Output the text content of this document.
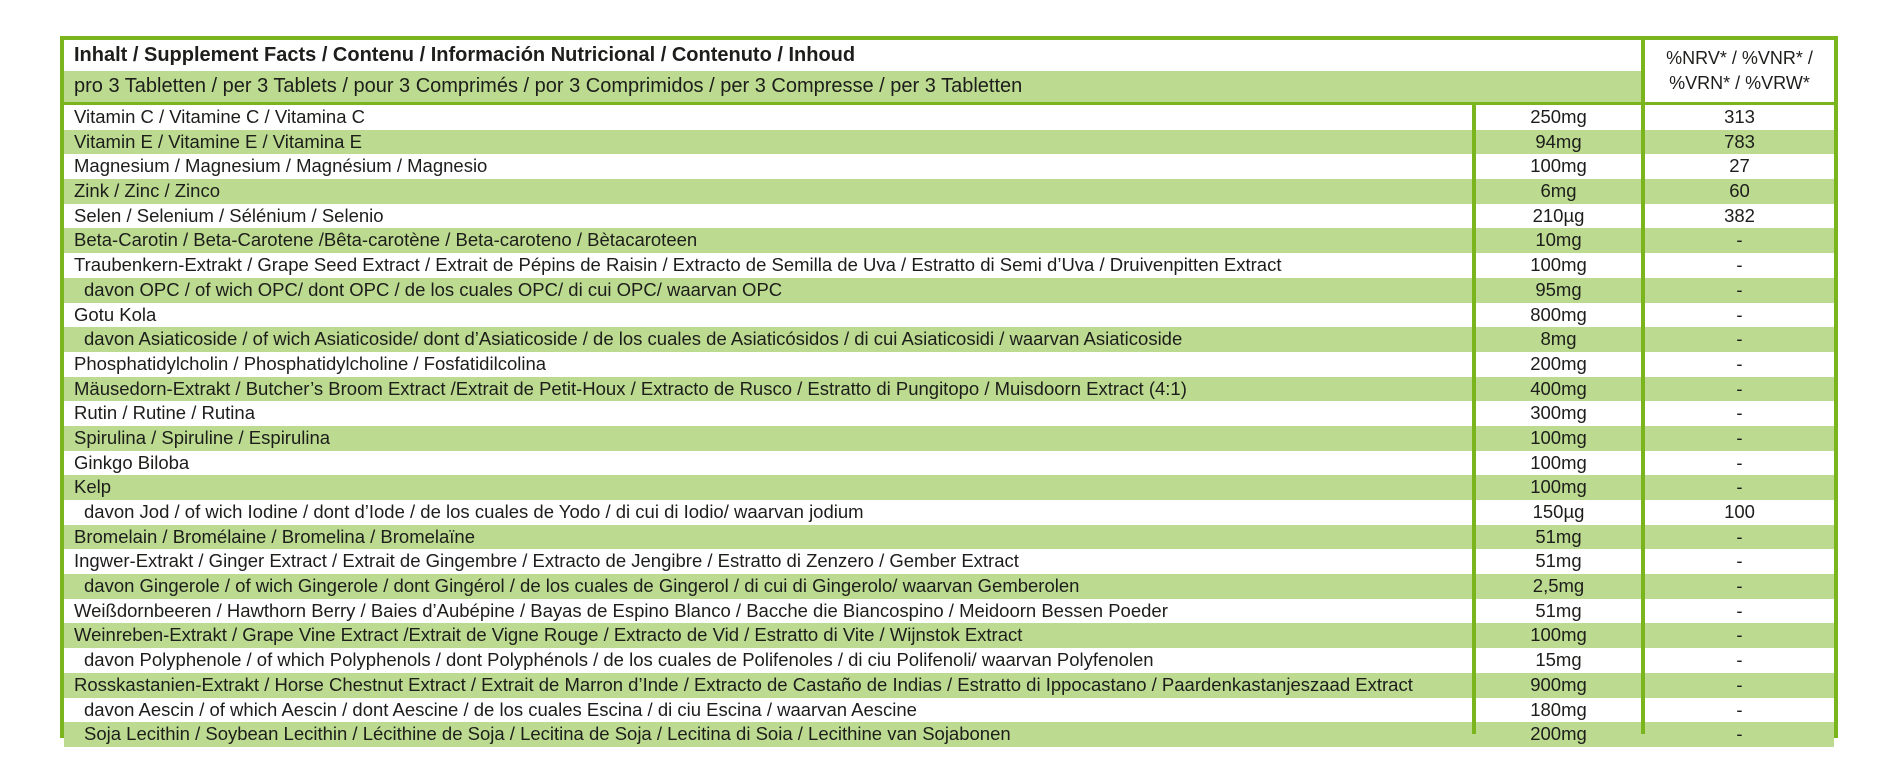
Inhalt / Supplement Facts / Contenu / Información Nutricional / Contenuto / Inhoud
pro 3 Tabletten / per 3 Tablets / pour 3 Comprimés / por 3 Comprimidos / per 3 Compresse / per 3 Tabletten
%NRV* / %VNR* /
%VRN* / %VRW*
Vitamin C / Vitamine C / Vitamina C	250mg	313
Vitamin E / Vitamine E / Vitamina E	94mg	783
Magnesium / Magnesium / Magnésium / Magnesio	100mg	27
Zink / Zinc / Zinco	6mg	60
Selen / Selenium / Sélénium / Selenio	210µg	382
Beta-Carotin / Beta-Carotene /Bêta-carotène / Beta-caroteno / Bètacaroteen	10mg	-
Traubenkern-Extrakt / Grape Seed Extract / Extrait de Pépins de Raisin / Extracto de Semilla de Uva / Estratto di Semi d’Uva / Druivenpitten Extract	100mg	-
davon OPC / of wich OPC/ dont OPC / de los cuales OPC/ di cui OPC/ waarvan OPC	95mg	-
Gotu Kola	800mg	-
davon Asiaticoside / of wich Asiaticoside/ dont d’Asiaticoside / de los cuales de Asiaticósidos / di cui Asiaticosidi / waarvan Asiaticoside	8mg	-
Phosphatidylcholin / Phosphatidylcholine / Fosfatidilcolina	200mg	-
Mäusedorn-Extrakt / Butcher’s Broom Extract /Extrait de Petit-Houx / Extracto de Rusco / Estratto di Pungitopo / Muisdoorn Extract (4:1)	400mg	-
Rutin / Rutine / Rutina	300mg	-
Spirulina / Spiruline / Espirulina	100mg	-
Ginkgo Biloba	100mg	-
Kelp	100mg	-
davon Jod / of wich Iodine / dont d’Iode / de los cuales de Yodo / di cui di Iodio/ waarvan jodium	150µg	100
Bromelain / Bromélaine / Bromelina / Bromelaïne	51mg	-
Ingwer-Extrakt / Ginger Extract / Extrait de Gingembre / Extracto de Jengibre / Estratto di Zenzero / Gember Extract	51mg	-
davon Gingerole / of wich Gingerole / dont Gingérol / de los cuales de Gingerol / di cui di Gingerolo/ waarvan Gemberolen	2,5mg	-
Weißdornbeeren / Hawthorn Berry / Baies d’Aubépine / Bayas de Espino Blanco / Bacche die Biancospino / Meidoorn Bessen Poeder	51mg	-
Weinreben-Extrakt / Grape Vine Extract /Extrait de Vigne Rouge / Extracto de Vid / Estratto di Vite / Wijnstok Extract	100mg	-
davon Polyphenole / of which Polyphenols / dont Polyphénols / de los cuales de Polifenoles / di ciu Polifenoli/ waarvan Polyfenolen	15mg	-
Rosskastanien-Extrakt / Horse Chestnut Extract / Extrait de Marron d’Inde / Extracto de Castaño de Indias / Estratto di Ippocastano / Paardenkastanjeszaad Extract	900mg	-
davon Aescin / of which Aescin / dont Aescine / de los cuales Escina / di ciu Escina / waarvan Aescine	180mg	-
Soja Lecithin / Soybean Lecithin / Lécithine de Soja / Lecitina de Soja / Lecitina di Soia / Lecithine van Sojabonen	200mg	-
